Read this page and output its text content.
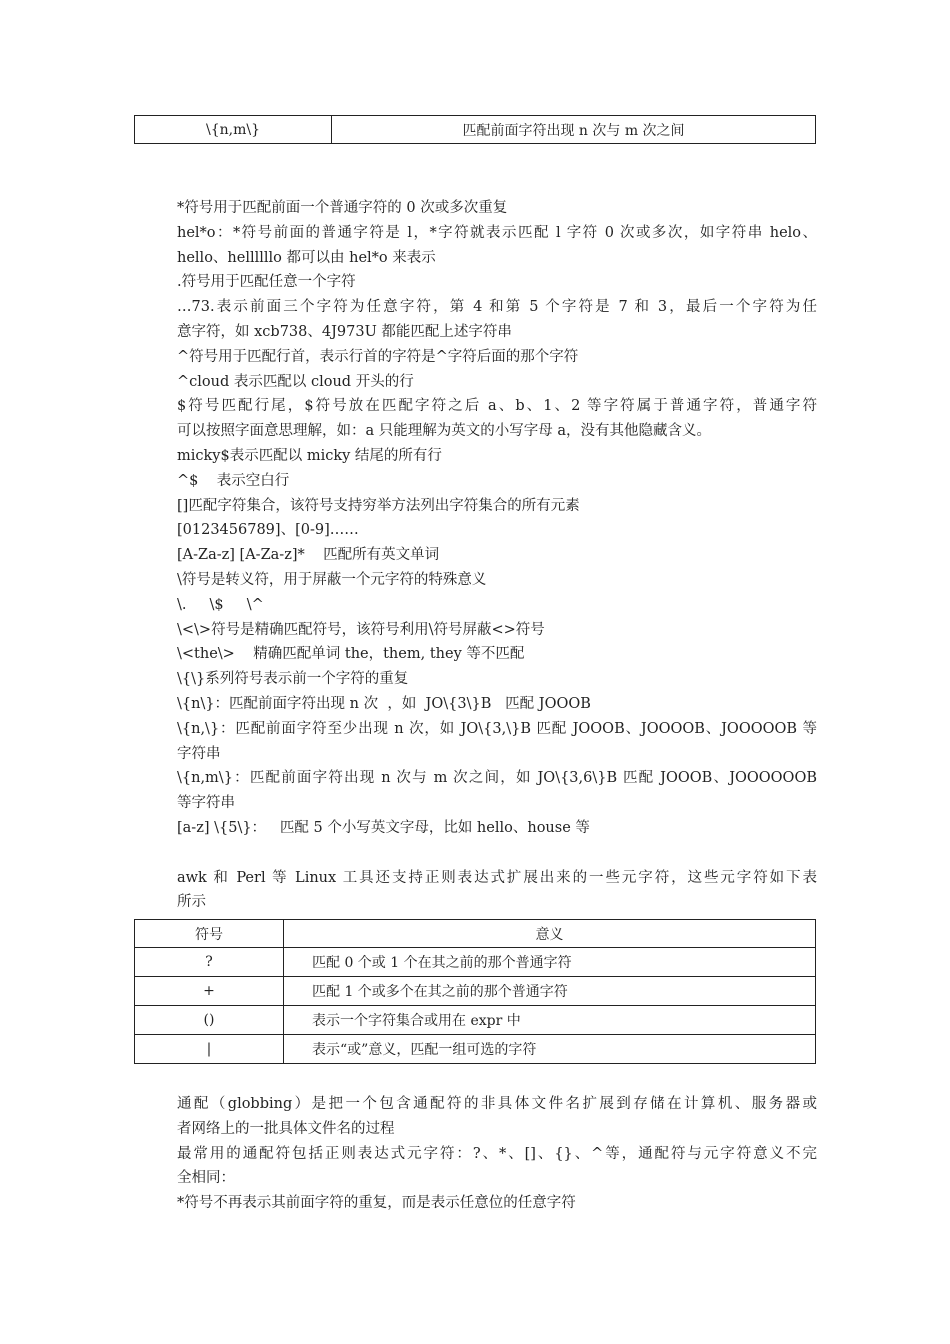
\{n,m\}	匹配前面字符出现 n 次与 m 次之间
*符号用于匹配前面一个普通字符的 0 次或多次重复
hel*o：*符号前面的普通字符是 l，*字符就表示匹配 l 字符 0 次或多次，如字符串 helo、
hello、hellllllo 都可以由 hel*o 来表示
.符号用于匹配任意一个字符
…73.表示前面三个字符为任意字符，第 4 和第 5 个字符是 7 和 3，最后一个字符为任
意字符，如 xcb738、4J973U 都能匹配上述字符串
^符号用于匹配行首，表示行首的字符是^字符后面的那个字符
^cloud 表示匹配以 cloud 开头的行
$符号匹配行尾，$符号放在匹配字符之后 a、b、1、2 等字符属于普通字符，普通字符
可以按照字面意思理解，如：a 只能理解为英文的小写字母 a，没有其他隐藏含义。
micky$表示匹配以 micky 结尾的所有行
^$    表示空白行
[]匹配字符集合，该符号支持穷举方法列出字符集合的所有元素
[0123456789]、[0-9]……
[A-Za-z] [A-Za-z]*    匹配所有英文单词
\符号是转义符，用于屏蔽一个元字符的特殊意义
\.     \$     \^
\<\>符号是精确匹配符号，该符号利用\符号屏蔽<>符号
\<the\>    精确匹配单词 the，them, they 等不匹配
\{\}系列符号表示前一个字符的重复
\{n\}：匹配前面字符出现 n 次  ，如  JO\{3\}B   匹配 JOOOB
\{n,\}：匹配前面字符至少出现 n 次，如 JO\{3,\}B 匹配 JOOOB、JOOOOB、JOOOOOB 等
字符串
\{n,m\}：匹配前面字符出现 n 次与 m 次之间，如 JO\{3,6\}B 匹配 JOOOB、JOOOOOOB
等字符串
[a-z] \{5\}：   匹配 5 个小写英文字母，比如 hello、house 等
awk 和 Perl 等 Linux 工具还支持正则表达式扩展出来的一些元字符，这些元字符如下表
所示
符号	意义
?	匹配 0 个或 1 个在其之前的那个普通字符
+	匹配 1 个或多个在其之前的那个普通字符
()	表示一个字符集合或用在 expr 中
|	表示“或”意义，匹配一组可选的字符
通配（globbing）是把一个包含通配符的非具体文件名扩展到存储在计算机、服务器或
者网络上的一批具体文件名的过程
最常用的通配符包括正则表达式元字符：?、*、[]、{}、^等，通配符与元字符意义不完
全相同：
*符号不再表示其前面字符的重复，而是表示任意位的任意字符
